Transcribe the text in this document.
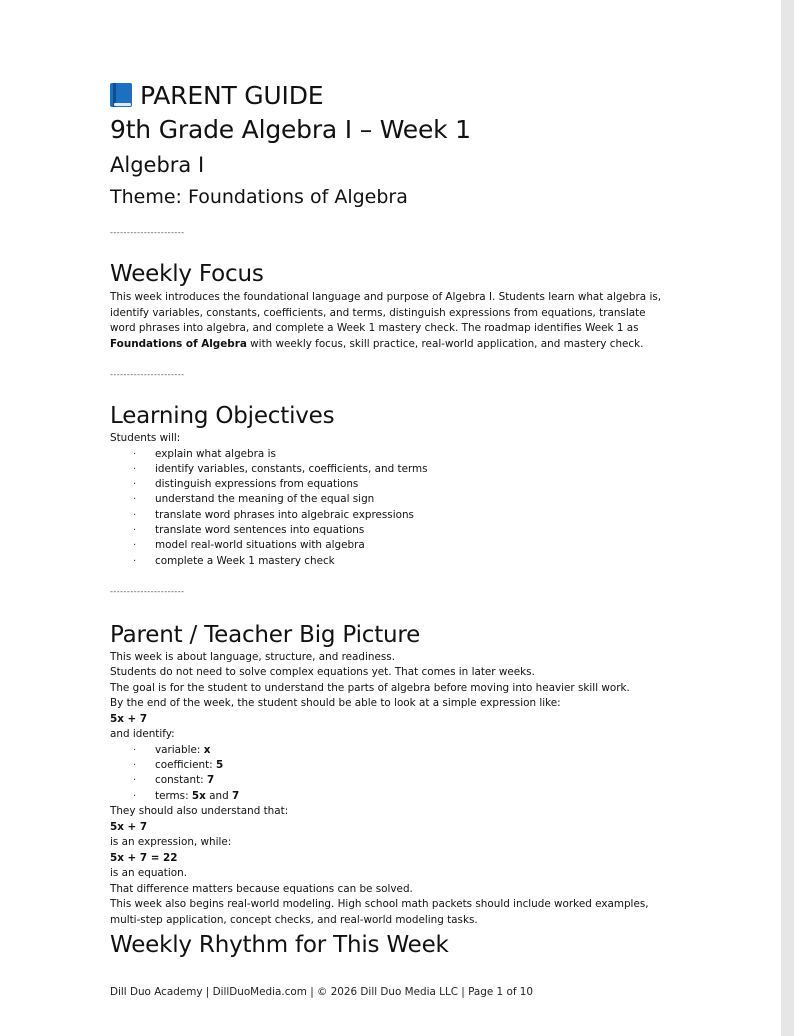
PARENT GUIDE
9th Grade Algebra I – Week 1
Algebra I
Theme: Foundations of Algebra
----------------------
Weekly Focus

This week introduces the foundational language and purpose of Algebra I. Students learn what algebra is, identify variables, constants, coefficients, and terms, distinguish expressions from equations, translate word phrases into algebra, and complete a Week 1 mastery check. The roadmap identifies Week 1 as Foundations of Algebra with weekly focus, skill practice, real-world application, and mastery check.

----------------------
Learning Objectives

Students will:

· explain what algebra is
· identify variables, constants, coefficients, and terms
· distinguish expressions from equations
· understand the meaning of the equal sign
· translate word phrases into algebraic expressions
· translate word sentences into equations
· model real-world situations with algebra
· complete a Week 1 mastery check
----------------------
Parent / Teacher Big Picture

This week is about language, structure, and readiness.

Students do not need to solve complex equations yet. That comes in later weeks.

The goal is for the student to understand the parts of algebra before moving into heavier skill work.

By the end of the week, the student should be able to look at a simple expression like:

5x + 7

and identify:

· variable: x
· coefficient: 5
· constant: 7
· terms: 5x and 7

They should also understand that:

5x + 7

is an expression, while:

5x + 7 = 22

is an equation.

That difference matters because equations can be solved.

This week also begins real-world modeling. High school math packets should include worked examples,

multi-step application, concept checks, and real-world modeling tasks.

Weekly Rhythm for This Week
Dill Duo Academy | DillDuoMedia.com | © 2026 Dill Duo Media LLC | Page 1 of 10
